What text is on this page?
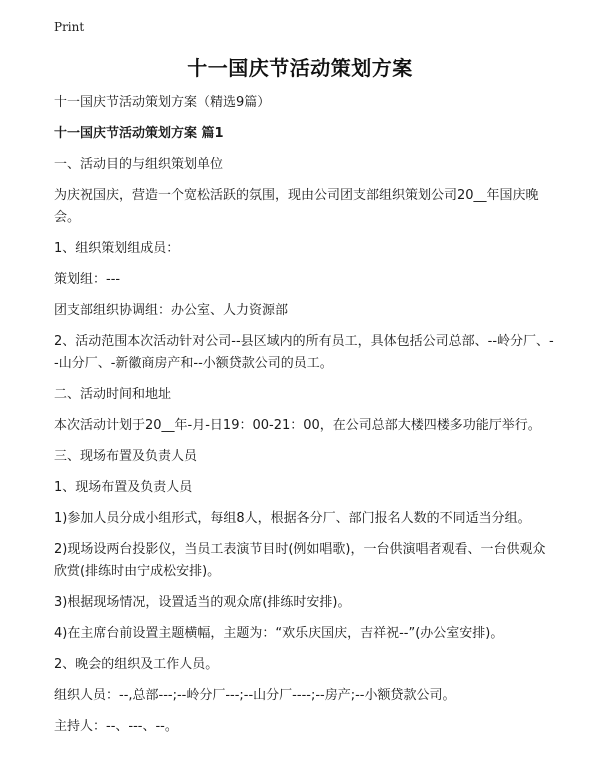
Print
十一国庆节活动策划方案

十一国庆节活动策划方案（精选9篇）

十一国庆节活动策划方案 篇1

一、活动目的与组织策划单位

为庆祝国庆，营造一个宽松活跃的氛围，现由公司团支部组织策划公司20__年国庆晚会。

1、组织策划组成员：

策划组：---

团支部组织协调组：办公室、人力资源部

2、活动范围本次活动针对公司--县区域内的所有员工，具体包括公司总部、--岭分厂、--山分厂、-新徽商房产和--小额贷款公司的员工。

二、活动时间和地址

本次活动计划于20__年-月-日19：00-21：00，在公司总部大楼四楼多功能厅举行。

三、现场布置及负责人员

1、现场布置及负责人员

1)参加人员分成小组形式，每组8人，根据各分厂、部门报名人数的不同适当分组。

2)现场设两台投影仪，当员工表演节目时(例如唱歌)，一台供演唱者观看、一台供观众欣赏(排练时由宁成松安排)。

3)根据现场情况，设置适当的观众席(排练时安排)。

4)在主席台前设置主题横幅，主题为：“欢乐庆国庆，吉祥祝--”(办公室安排)。

2、晚会的组织及工作人员。

组织人员：--,总部---;--岭分厂---;--山分厂----;--房产;--小额贷款公司。

主持人：--、---、--。
